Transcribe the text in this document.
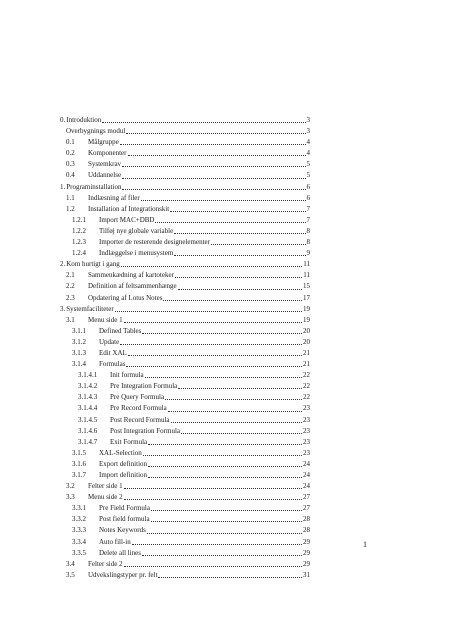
0. Introduktion	3
Overbygnings modul	3
0.1	Målgruppe	4
0.2	Komponenter	4
0.3	Systemkrav	5
0.4	Uddannelse	5
1. Programinstallation	6
1.1	Indlæsning af filer	6
1.2	Installation af Integrationskit	7
1.2.1	Import MAC+DBD	7
1.2.2	Tilføj nye globale variable	8
1.2.3	Importer de resterende designelementer	8
1.2.4	Indlæggelse i menusystem	9
2. Kom hurtigt i gang	11
2.1	Sammenkædning af kartoteker	11
2.2	Definition af feltsammenhænge	15
2.3	Opdatering af Lotus Notes	17
3. Systemfaciliteter	19
3.1	Menu side 1	19
3.1.1	Defined Tables	20
3.1.2	Update	20
3.1.3	Edit XAL	21
3.1.4	Formulas	21
3.1.4.1	Init formula	22
3.1.4.2	Pre Integration Formula	22
3.1.4.3	Pre Query Formula	22
3.1.4.4	Pre Record Formula	23
3.1.4.5	Post Record Formula	23
3.1.4.6	Post Integration Formula	23
3.1.4.7	Exit Formula	23
3.1.5	XAL-Selection	23
3.1.6	Export definition	24
3.1.7	Import definition	24
3.2	Felter side 1	24
3.3	Menu side 2	27
3.3.1	Pre Field Formula	27
3.3.2	Post field formula	28
3.3.3	Notes Keywords	28
3.3.4	Auto fill-in	29
3.3.5	Delete all lines	29
3.4	Felter side 2	29
3.5	Udvekslingstyper pr. felt	31
1
